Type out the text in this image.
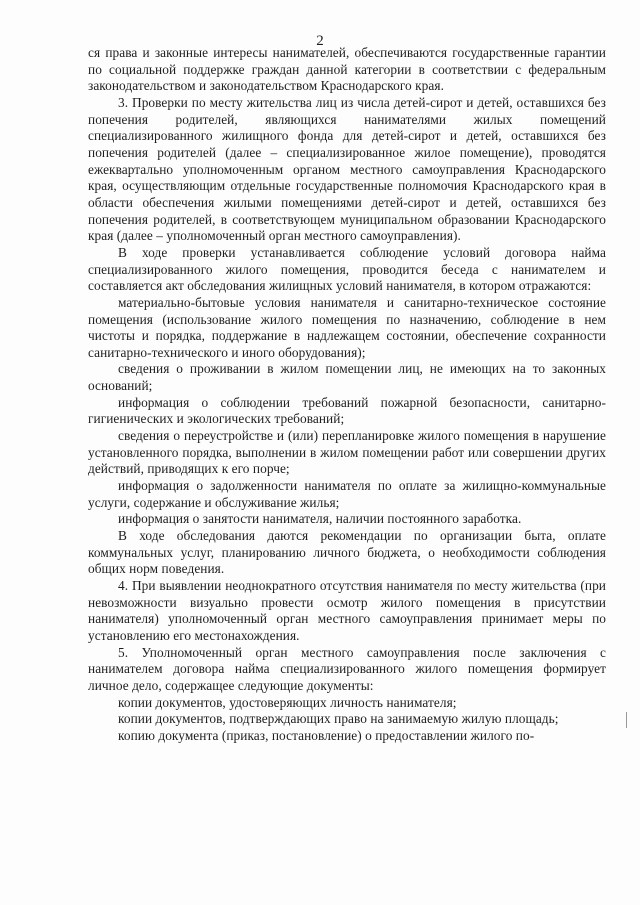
2

ся права и законные интересы нанимателей, обеспечиваются государственные гарантии по социальной поддержке граждан данной категории в соответствии с федеральным законодательством и законодательством Краснодарского края.

3. Проверки по месту жительства лиц из числа детей-сирот и детей, оставшихся без попечения родителей, являющихся нанимателями жилых помещений специализированного жилищного фонда для детей-сирот и детей, оставшихся без попечения родителей (далее – специализированное жилое помещение), проводятся ежеквартально уполномоченным органом местного самоуправления Краснодарского края, осуществляющим отдельные государственные полномочия Краснодарского края в области обеспечения жилыми помещениями детей-сирот и детей, оставшихся без попечения родителей, в соответствующем муниципальном образовании Краснодарского края (далее – уполномоченный орган местного самоуправления).

В ходе проверки устанавливается соблюдение условий договора найма специализированного жилого помещения, проводится беседа с нанимателем и составляется акт обследования жилищных условий нанимателя, в котором отражаются:

материально-бытовые условия нанимателя и санитарно-техническое состояние помещения (использование жилого помещения по назначению, соблюдение в нем чистоты и порядка, поддержание в надлежащем состоянии, обеспечение сохранности санитарно-технического и иного оборудования);

сведения о проживании в жилом помещении лиц, не имеющих на то законных оснований;

информация о соблюдении требований пожарной безопасности, санитарно-гигиенических и экологических требований;

сведения о переустройстве и (или) перепланировке жилого помещения в нарушение установленного порядка, выполнении в жилом помещении работ или совершении других действий, приводящих к его порче;

информация о задолженности нанимателя по оплате за жилищно-коммунальные услуги, содержание и обслуживание жилья;

информация о занятости нанимателя, наличии постоянного заработка.

В ходе обследования даются рекомендации по организации быта, оплате коммунальных услуг, планированию личного бюджета, о необходимости соблюдения общих норм поведения.

4. При выявлении неоднократного отсутствия нанимателя по месту жительства (при невозможности визуально провести осмотр жилого помещения в присутствии нанимателя) уполномоченный орган местного самоуправления принимает меры по установлению его местонахождения.

5. Уполномоченный орган местного самоуправления после заключения с нанимателем договора найма специализированного жилого помещения формирует личное дело, содержащее следующие документы:

копии документов, удостоверяющих личность нанимателя;

копии документов, подтверждающих право на занимаемую жилую площадь;

копию документа (приказ, постановление) о предоставлении жилого по-
